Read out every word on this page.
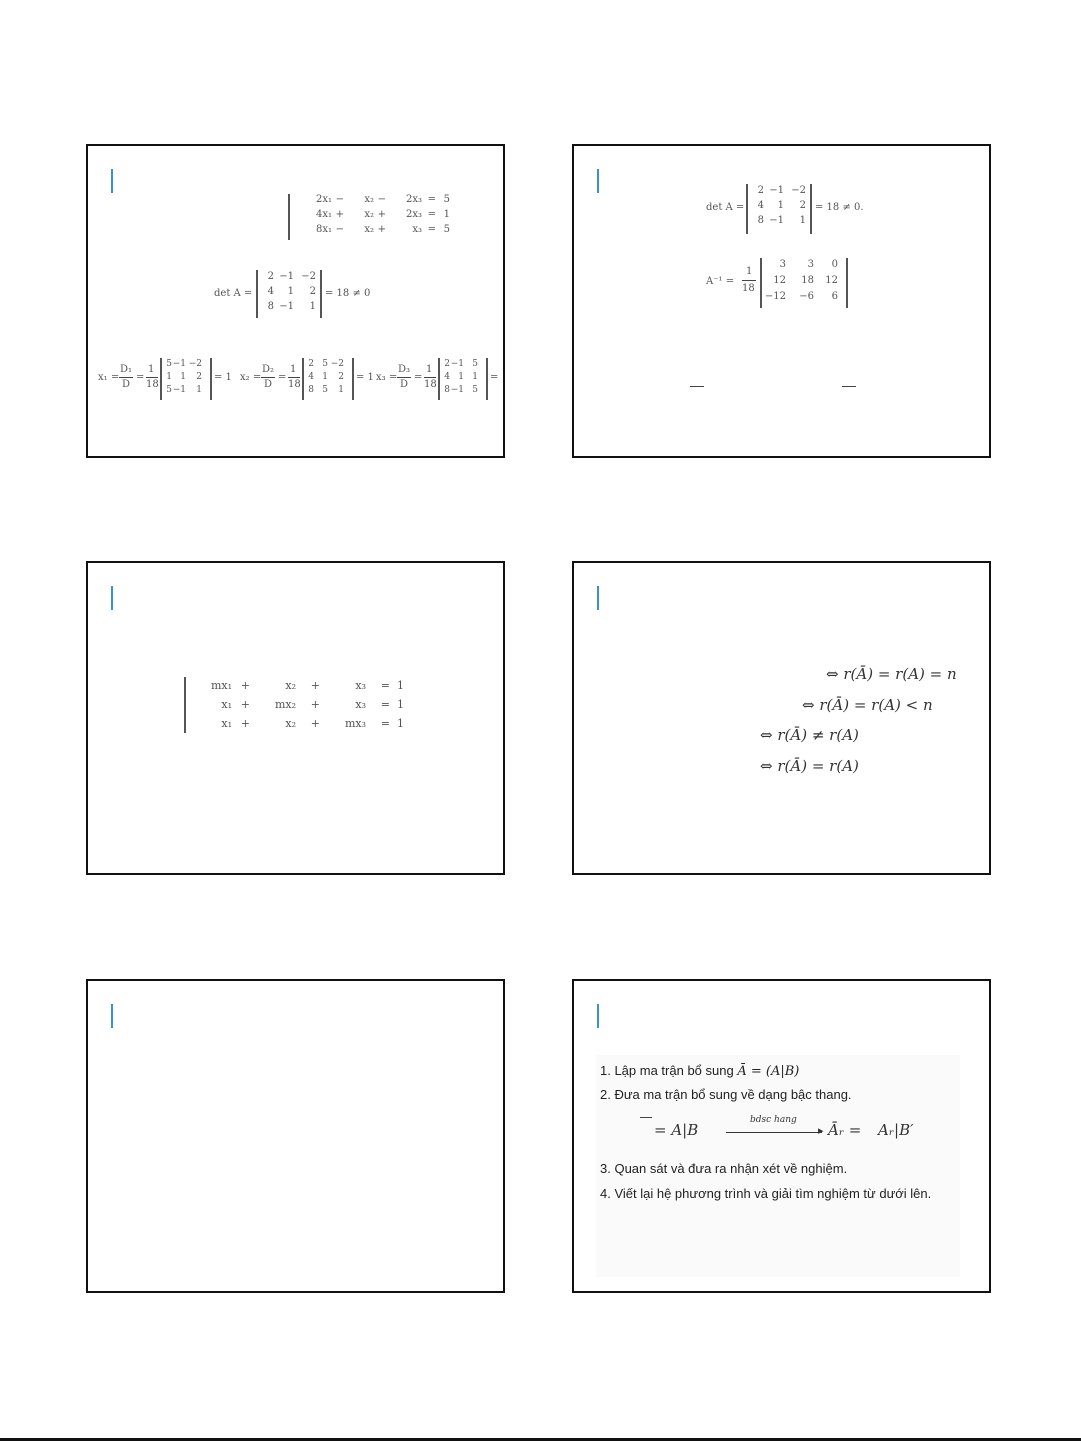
2x₁ −	x₂ −	2x₃ = 5
4x₁ +	x₂ +	2x₃ = 1
8x₁ −	x₂ +	x₃ = 5
det A =
2 −1 −2
4	1	2
8 −1	1
= 18 ≠ 0
x₁ =
D₁
D
=
1
18
5 −1 −2
1 1	2
5 −1	1
= 1 x₂ =
D₂
D
=
1
18
2 5 −2
4 1	2
8 5	1
= 1 x₃ =
D₃
D
=
1
18
2 −1 5
4 1 1
8 −1 5
=
det A =
2 −1 −2
4	1	2
8 −1	1
= 18 ≠ 0.
A⁻¹ =
1
18
3	3	0
12	18	12
−12	−6	6
mx₁ +	x₂	+	x₃	= 1
x₁ +	mx₂	+	x₃	= 1
x₁ +	x₂	+	mx₃	= 1
⇔ r(Ā) = r(A) = n
⇔ r(Ā) = r(A) < n
⇔ r(Ā) ≠ r(A)
⇔ r(Ā) = r(A)
1. Lập ma trận bổ sung Ā = (A|B)
2. Đưa ma trận bổ sung về dạng bậc thang.
= A|B
bdsc hang
▸ Āᵣ = Aᵣ|B′
3. Quan sát và đưa ra nhận xét về nghiệm.
4. Viết lại hệ phương trình và giải tìm nghiệm từ dưới lên.
